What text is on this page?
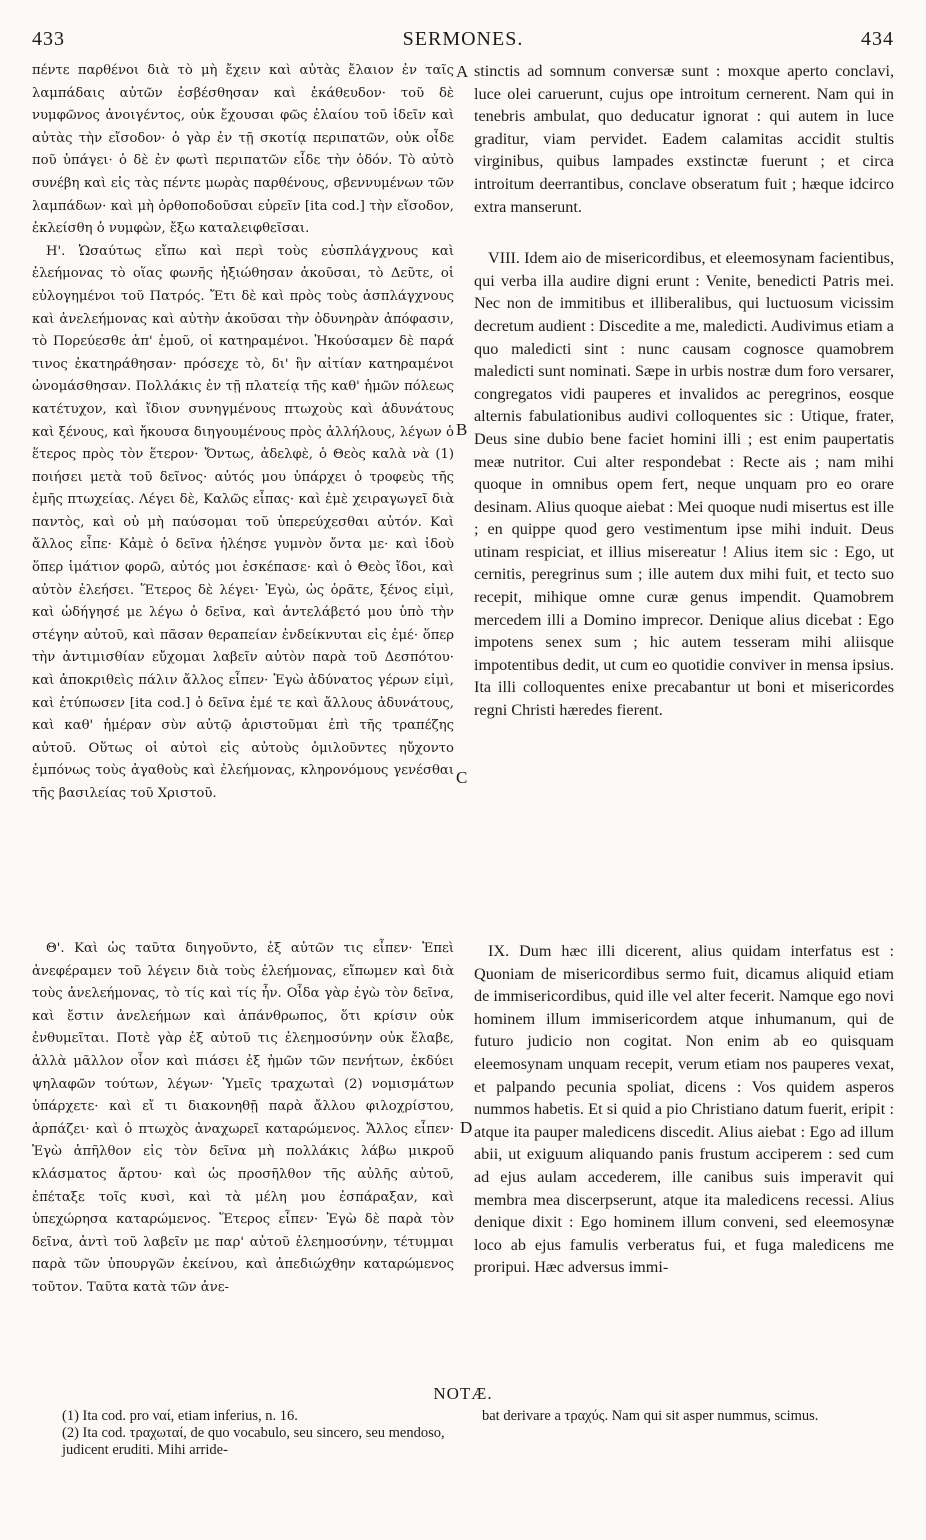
433	SERMONES.	434

πέντε παρθένοι διὰ τὸ μὴ ἔχειν καὶ αὐτὰς ἔλαιον ἐν ταῖς λαμπάδαις αὐτῶν ἐσβέσθησαν καὶ ἐκάθευδον· τοῦ δὲ νυμφῶνος ἀνοιγέντος, οὐκ ἔχουσαι φῶς ἐλαίου τοῦ ἰδεῖν καὶ αὐτὰς τὴν εἴσοδον· ὁ γὰρ ἐν τῇ σκοτίᾳ περιπατῶν, οὐκ οἶδε ποῦ ὑπάγει· ὁ δὲ ἐν φωτὶ περιπατῶν εἶδε τὴν ὁδόν. Τὸ αὐτὸ συνέβη καὶ εἰς τὰς πέντε μωρὰς παρθένους, σβεννυμένων τῶν λαμπάδων· καὶ μὴ ὀρθοποδοῦσαι εὑρεῖν [ita cod.] τὴν εἴσοδον, ἐκλείσθη ὁ νυμφὼν, ἔξω καταλειφθεῖσαι.

Η'. Ὡσαύτως εἴπω καὶ περὶ τοὺς εὐσπλάγχνους καὶ ἐλεήμονας τὸ οἵας φωνῆς ἠξιώθησαν ἀκοῦσαι, τὸ Δεῦτε, οἱ εὐλογημένοι τοῦ Πατρός. Ἔτι δὲ καὶ πρὸς τοὺς ἀσπλάγχνους καὶ ἀνελεήμονας καὶ αὐτὴν ἀκοῦσαι τὴν ὀδυνηρὰν ἀπόφασιν, τὸ Πορεύεσθε ἀπ' ἐμοῦ, οἱ κατηραμένοι. Ἠκούσαμεν δὲ παρά τινος ἐκατηράθησαν· πρόσεχε τὸ, δι' ἣν αἰτίαν κατηραμένοι ὠνομάσθησαν. Πολλάκις ἐν τῇ πλατείᾳ τῆς καθ' ἡμῶν πόλεως κατέτυχον, καὶ ἴδιον συνηγμένους πτωχοὺς καὶ ἀδυνάτους καὶ ξένους, καὶ ἤκουσα διηγουμένους πρὸς ἀλλήλους, λέγων ὁ ἕτερος πρὸς τὸν ἕτερον· Ὄντως, ἀδελφὲ, ὁ Θεὸς καλὰ νὰ (1) ποιήσει μετὰ τοῦ δεῖνος· αὐτός μου ὑπάρχει ὁ τροφεὺς τῆς ἐμῆς πτωχείας. Λέγει δὲ, Καλῶς εἶπας· καὶ ἐμὲ χειραγωγεῖ διὰ παντὸς, καὶ οὐ μὴ παύσομαι τοῦ ὑπερεύχεσθαι αὐτόν. Καὶ ἄλλος εἶπε· Κἀμὲ ὁ δεῖνα ἠλέησε γυμνὸν ὄντα με· καὶ ἰδοὺ ὅπερ ἱμάτιον φορῶ, αὐτός μοι ἐσκέπασε· καὶ ὁ Θεὸς ἴδοι, καὶ αὐτὸν ἐλεήσει. Ἕτερος δὲ λέγει· Ἐγὼ, ὡς ὁρᾶτε, ξένος εἰμὶ, καὶ ὡδήγησέ με λέγω ὁ δεῖνα, καὶ ἀντελάβετό μου ὑπὸ τὴν στέγην αὐτοῦ, καὶ πᾶσαν θεραπείαν ἐνδείκνυται εἰς ἐμέ· ὅπερ τὴν ἀντιμισθίαν εὔχομαι λαβεῖν αὐτὸν παρὰ τοῦ Δεσπότου· καὶ ἀποκριθεὶς πάλιν ἄλλος εἶπεν· Ἐγὼ ἀδύνατος γέρων εἰμὶ, καὶ ἐτύπωσεν [ita cod.] ὁ δεῖνα ἐμέ τε καὶ ἄλλους ἀδυνάτους, καὶ καθ' ἡμέραν σὺν αὐτῷ ἀριστοῦμαι ἐπὶ τῆς τραπέζης αὐτοῦ. Οὕτως οἱ αὐτοὶ εἰς αὐτοὺς ὁμιλοῦντες ηὔχοντο ἐμπόνως τοὺς ἀγαθοὺς καὶ ἐλεήμονας, κληρονόμους γενέσθαι τῆς βασιλείας τοῦ Χριστοῦ.

stinctis ad somnum conversæ sunt : moxque aperto conclavi, luce olei caruerunt, cujus ope introitum cernerent. Nam qui in tenebris ambulat, quo deducatur ignorat : qui autem in luce graditur, viam pervidet. Eadem calamitas accidit stultis virginibus, quibus lampades exstinctæ fuerunt ; et circa introitum deerrantibus, conclave obseratum fuit ; hæque idcirco extra manserunt.

VIII. Idem aio de misericordibus, et eleemosynam facientibus, qui verba illa audire digni erunt : Venite, benedicti Patris mei. Nec non de immitibus et illiberalibus, qui luctuosum vicissim decretum audient : Discedite a me, maledicti. Audivimus etiam a quo maledicti sint : nunc causam cognosce quamobrem maledicti sunt nominati. Sæpe in urbis nostræ dum foro versarer, congregatos vidi pauperes et invalidos ac peregrinos, eosque alternis fabulationibus audivi colloquentes sic : Utique, frater, Deus sine dubio bene faciet homini illi ; est enim paupertatis meæ nutritor. Cui alter respondebat : Recte ais ; nam mihi quoque in omnibus opem fert, neque unquam pro eo orare desinam. Alius quoque aiebat : Mei quoque nudi misertus est ille ; en quippe quod gero vestimentum ipse mihi induit. Deus utinam respiciat, et illius misereatur ! Alius item sic : Ego, ut cernitis, peregrinus sum ; ille autem dux mihi fuit, et tecto suo recepit, mihique omne curæ genus impendit. Quamobrem mercedem illi a Domino imprecor. Denique alius dicebat : Ego impotens senex sum ; hic autem tesseram mihi aliisque impotentibus dedit, ut cum eo quotidie conviver in mensa ipsius. Ita illi colloquentes enixe precabantur ut boni et misericordes regni Christi hæredes fierent.

Θ'. Καὶ ὡς ταῦτα διηγοῦντο, ἐξ αὐτῶν τις εἶπεν· Ἐπεὶ ἀνεφέραμεν τοῦ λέγειν διὰ τοὺς ἐλεήμονας, εἴπωμεν καὶ διὰ τοὺς ἀνελεήμονας, τὸ τίς καὶ τίς ἦν. Οἶδα γὰρ ἐγὼ τὸν δεῖνα, καὶ ἔστιν ἀνελεήμων καὶ ἀπάνθρωπος, ὅτι κρίσιν οὐκ ἐνθυμεῖται. Ποτὲ γὰρ ἐξ αὐτοῦ τις ἐλεημοσύνην οὐκ ἔλαβε, ἀλλὰ μᾶλλον οἷον καὶ πιάσει ἐξ ἡμῶν τῶν πενήτων, ἐκδύει ψηλαφῶν τούτων, λέγων· Ὑμεῖς τραχωταὶ (2) νομισμάτων ὑπάρχετε· καὶ εἴ τι διακονηθῇ παρὰ ἄλλου φιλοχρίστου, ἁρπάζει· καὶ ὁ πτωχὸς ἀναχωρεῖ καταρώμενος. Ἄλλος εἶπεν· Ἐγὼ ἀπῆλθον εἰς τὸν δεῖνα μὴ πολλάκις λάβω μικροῦ κλάσματος ἄρτου· καὶ ὡς προσῆλθον τῆς αὐλῆς αὐτοῦ, ἐπέταξε τοῖς κυσὶ, καὶ τὰ μέλη μου ἐσπάραξαν, καὶ ὑπεχώρησα καταρώμενος. Ἕτερος εἶπεν· Ἐγὼ δὲ παρὰ τὸν δεῖνα, ἀντὶ τοῦ λαβεῖν με παρ' αὐτοῦ ἐλεημοσύνην, τέτυμμαι παρὰ τῶν ὑπουργῶν ἐκείνου, καὶ ἀπεδιώχθην καταρώμενος τοῦτον. Ταῦτα κατὰ τῶν ἀνε-

IX. Dum hæc illi dicerent, alius quidam interfatus est : Quoniam de misericordibus sermo fuit, dicamus aliquid etiam de immisericordibus, quid ille vel alter fecerit. Namque ego novi hominem illum immisericordem atque inhumanum, qui de futuro judicio non cogitat. Non enim ab eo quisquam eleemosynam unquam recepit, verum etiam nos pauperes vexat, et palpando pecunia spoliat, dicens : Vos quidem asperos nummos habetis. Et si quid a pio Christiano datum fuerit, eripit : atque ita pauper maledicens discedit. Alius aiebat : Ego ad illum abii, ut exiguum aliquando panis frustum acciperem : sed cum ad ejus aulam accederem, ille canibus suis imperavit qui membra mea discerpserunt, atque ita maledicens recessi. Alius denique dixit : Ego hominem illum conveni, sed eleemosynæ loco ab ejus famulis verberatus fui, et fuga maledicens me proripui. Hæc adversus immi-

A
B
C
D
NOTÆ.

(1) Ita cod. pro ναί, etiam inferius, n. 16.

(2) Ita cod. τραχωταί, de quo vocabulo, seu sincero, seu mendoso, judicent eruditi. Mihi arride-

bat derivare a τραχύς. Nam qui sit asper nummus, scimus.
